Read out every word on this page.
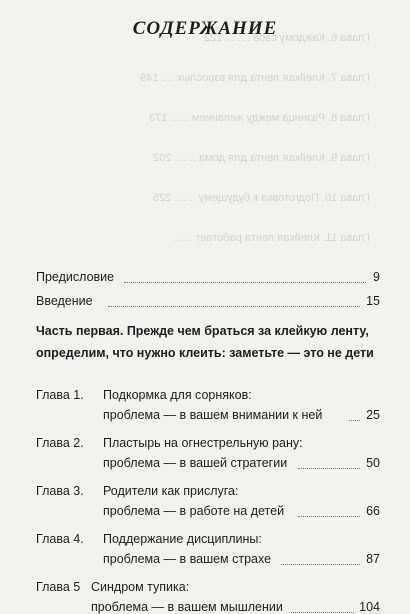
Глава 6. Каждому своё ........ 122
Глава 7. Клейкая лента для взрослых .... 149
Глава 8. Разница между желанием ...... 173
Глава 9. Клейкая лента для дома ....... 202
Глава 10. Подготовка к будущему ....... 225
Глава 11. Клейкая лента работает ......
СОДЕРЖАНИЕ
Предисловие	9
Введение	15
Часть первая. Прежде чем браться за клейкую ленту,
определим, что нужно клеить: заметьте — это не дети
Глава 1. Подкормка для сорняков:
проблема — в вашем внимании к ней	25
Глава 2. Пластырь на огнестрельную рану:
проблема — в вашей стратегии	50
Глава 3. Родители как прислуга:
проблема — в работе на детей	66
Глава 4. Поддержание дисциплины:
проблема — в вашем страхе	87
Глава 5 Синдром тупика:
проблема — в вашем мышлении	104
